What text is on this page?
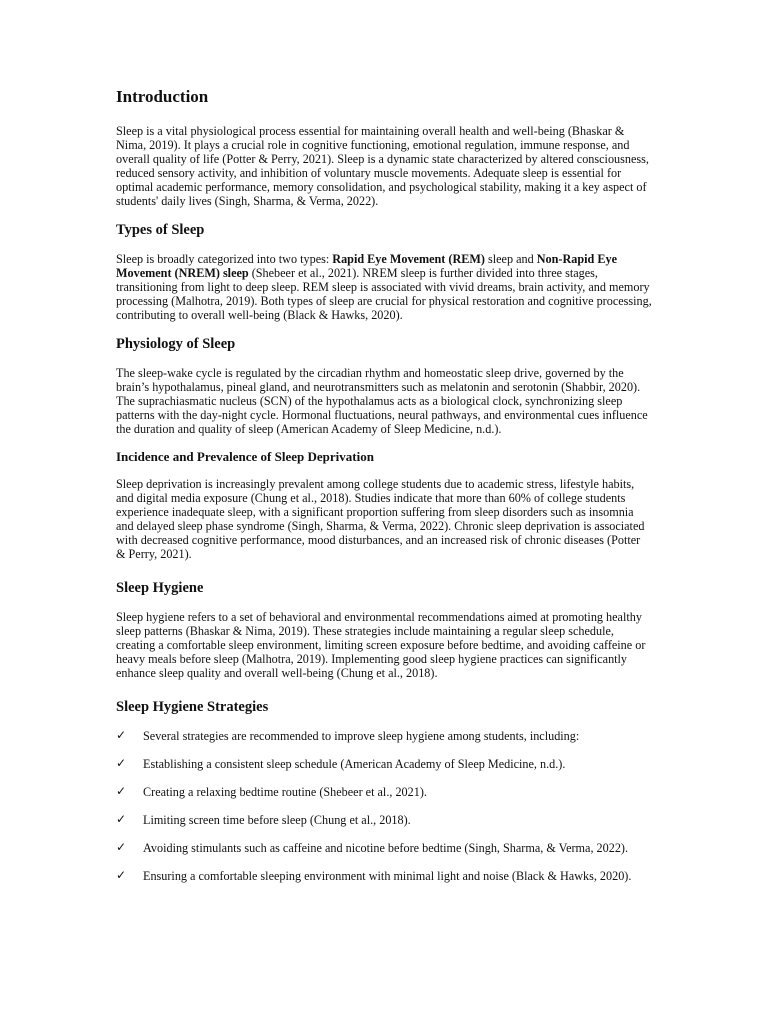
Introduction

Sleep is a vital physiological process essential for maintaining overall health and well-being (Bhaskar & Nima, 2019). It plays a crucial role in cognitive functioning, emotional regulation, immune response, and overall quality of life (Potter & Perry, 2021). Sleep is a dynamic state characterized by altered consciousness, reduced sensory activity, and inhibition of voluntary muscle movements. Adequate sleep is essential for optimal academic performance, memory consolidation, and psychological stability, making it a key aspect of students' daily lives (Singh, Sharma, & Verma, 2022).

Types of Sleep

Sleep is broadly categorized into two types: Rapid Eye Movement (REM) sleep and Non-Rapid Eye Movement (NREM) sleep (Shebeer et al., 2021). NREM sleep is further divided into three stages, transitioning from light to deep sleep. REM sleep is associated with vivid dreams, brain activity, and memory processing (Malhotra, 2019). Both types of sleep are crucial for physical restoration and cognitive processing, contributing to overall well-being (Black & Hawks, 2020).

Physiology of Sleep

The sleep-wake cycle is regulated by the circadian rhythm and homeostatic sleep drive, governed by the brain’s hypothalamus, pineal gland, and neurotransmitters such as melatonin and serotonin (Shabbir, 2020). The suprachiasmatic nucleus (SCN) of the hypothalamus acts as a biological clock, synchronizing sleep patterns with the day-night cycle. Hormonal fluctuations, neural pathways, and environmental cues influence the duration and quality of sleep (American Academy of Sleep Medicine, n.d.).

Incidence and Prevalence of Sleep Deprivation

Sleep deprivation is increasingly prevalent among college students due to academic stress, lifestyle habits, and digital media exposure (Chung et al., 2018). Studies indicate that more than 60% of college students experience inadequate sleep, with a significant proportion suffering from sleep disorders such as insomnia and delayed sleep phase syndrome (Singh, Sharma, & Verma, 2022). Chronic sleep deprivation is associated with decreased cognitive performance, mood disturbances, and an increased risk of chronic diseases (Potter & Perry, 2021).

Sleep Hygiene

Sleep hygiene refers to a set of behavioral and environmental recommendations aimed at promoting healthy sleep patterns (Bhaskar & Nima, 2019). These strategies include maintaining a regular sleep schedule, creating a comfortable sleep environment, limiting screen exposure before bedtime, and avoiding caffeine or heavy meals before sleep (Malhotra, 2019). Implementing good sleep hygiene practices can significantly enhance sleep quality and overall well-being (Chung et al., 2018).

Sleep Hygiene Strategies
✓ Several strategies are recommended to improve sleep hygiene among students, including:
✓ Establishing a consistent sleep schedule (American Academy of Sleep Medicine, n.d.).
✓ Creating a relaxing bedtime routine (Shebeer et al., 2021).
✓ Limiting screen time before sleep (Chung et al., 2018).
✓ Avoiding stimulants such as caffeine and nicotine before bedtime (Singh, Sharma, & Verma, 2022).
✓ Ensuring a comfortable sleeping environment with minimal light and noise (Black & Hawks, 2020).
